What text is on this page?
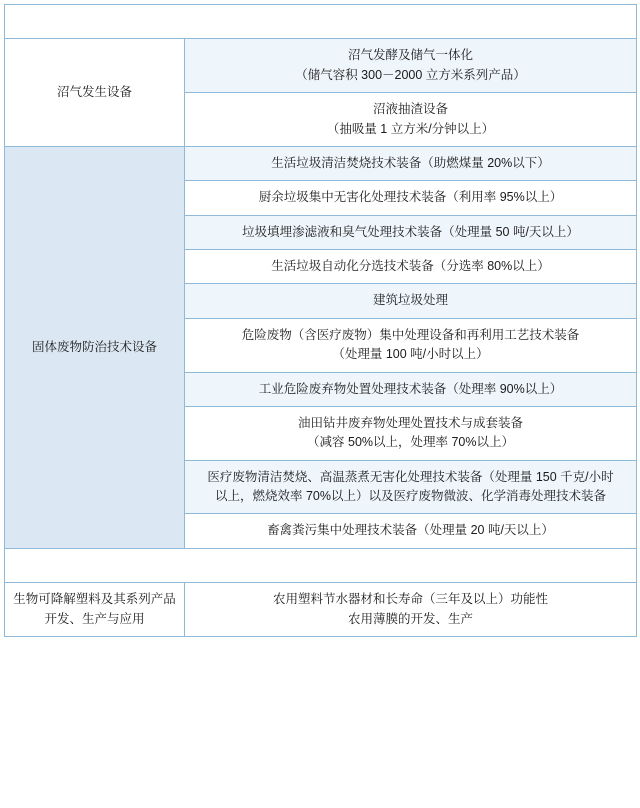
机 械	
沼气发生设备	沼气发酵及储气一体化
（储气容积 300－2000 立方米系列产品）

	沼液抽渣设备
（抽吸量 1 立方米/分钟以上）

固体废物防治技术设备	生活垃圾清洁焚烧技术装备（助燃煤量 20%以下）

	厨余垃圾集中无害化处理技术装备（利用率 95%以上）

	垃圾填埋渗滤液和臭气处理技术装备（处理量 50 吨/天以上）

	生活垃圾自动化分选技术装备（分选率 80%以上）

	建筑垃圾处理

	危险废物（含医疗废物）集中处理设备和再利用工艺技术装备
（处理量 100 吨/小时以上）

	工业危险废弃物处置处理技术装备（处理率 90%以上）

	油田钻井废弃物处理处置技术与成套装备
（减容 50%以上，处理率 70%以上）

	医疗废物清洁焚烧、高温蒸煮无害化处理技术装备（处理量 150 千克/小时
以上，燃烧效率 70%以上）以及医疗废物微波、化学消毒处理技术装备

	畜禽粪污集中处理技术装备（处理量 20 吨/天以上）

轻 工	
生物可降解塑料及其系列产品开发、生产与应用	农用塑料节水器材和长寿命（三年及以上）功能性
农用薄膜的开发、生产
